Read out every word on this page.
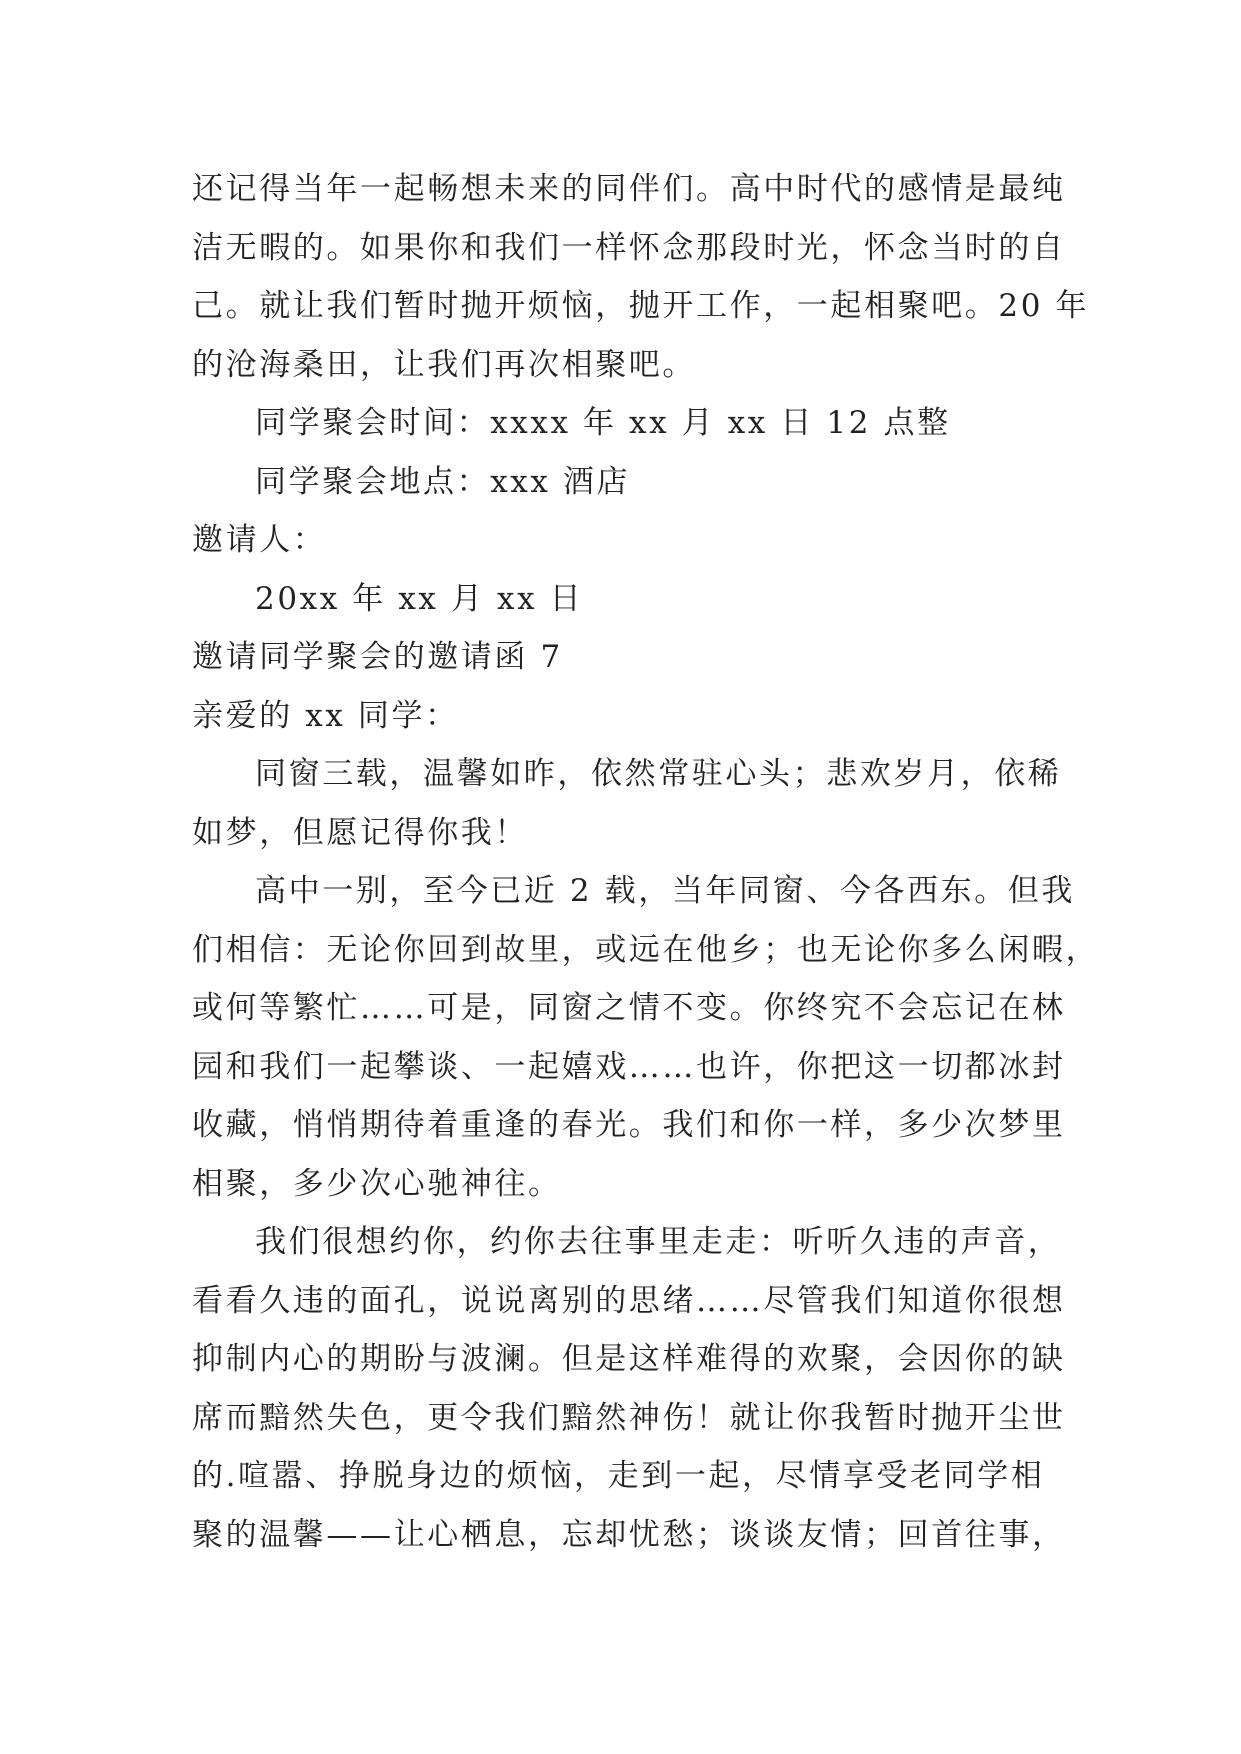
还记得当年一起畅想未来的同伴们。高中时代的感情是最纯
洁无暇的。如果你和我们一样怀念那段时光，怀念当时的自
己。就让我们暂时抛开烦恼，抛开工作，一起相聚吧。20 年
的沧海桑田，让我们再次相聚吧。
同学聚会时间：xxxx 年 xx 月 xx 日 12 点整
同学聚会地点：xxx 酒店
邀请人：
20xx 年 xx 月 xx 日
邀请同学聚会的邀请函 7
亲爱的 xx 同学：
同窗三载，温馨如昨，依然常驻心头；悲欢岁月，依稀
如梦，但愿记得你我！
高中一别，至今已近 2 载，当年同窗、今各西东。但我
们相信：无论你回到故里，或远在他乡；也无论你多么闲暇，
或何等繁忙……可是，同窗之情不变。你终究不会忘记在林
园和我们一起攀谈、一起嬉戏……也许，你把这一切都冰封
收藏，悄悄期待着重逢的春光。我们和你一样，多少次梦里
相聚，多少次心驰神往。
我们很想约你，约你去往事里走走：听听久违的声音，
看看久违的面孔，说说离别的思绪……尽管我们知道你很想
抑制内心的期盼与波澜。但是这样难得的欢聚，会因你的缺
席而黯然失色，更令我们黯然神伤！就让你我暂时抛开尘世
的.喧嚣、挣脱身边的烦恼，走到一起，尽情享受老同学相
聚的温馨——让心栖息，忘却忧愁；谈谈友情；回首往事，
